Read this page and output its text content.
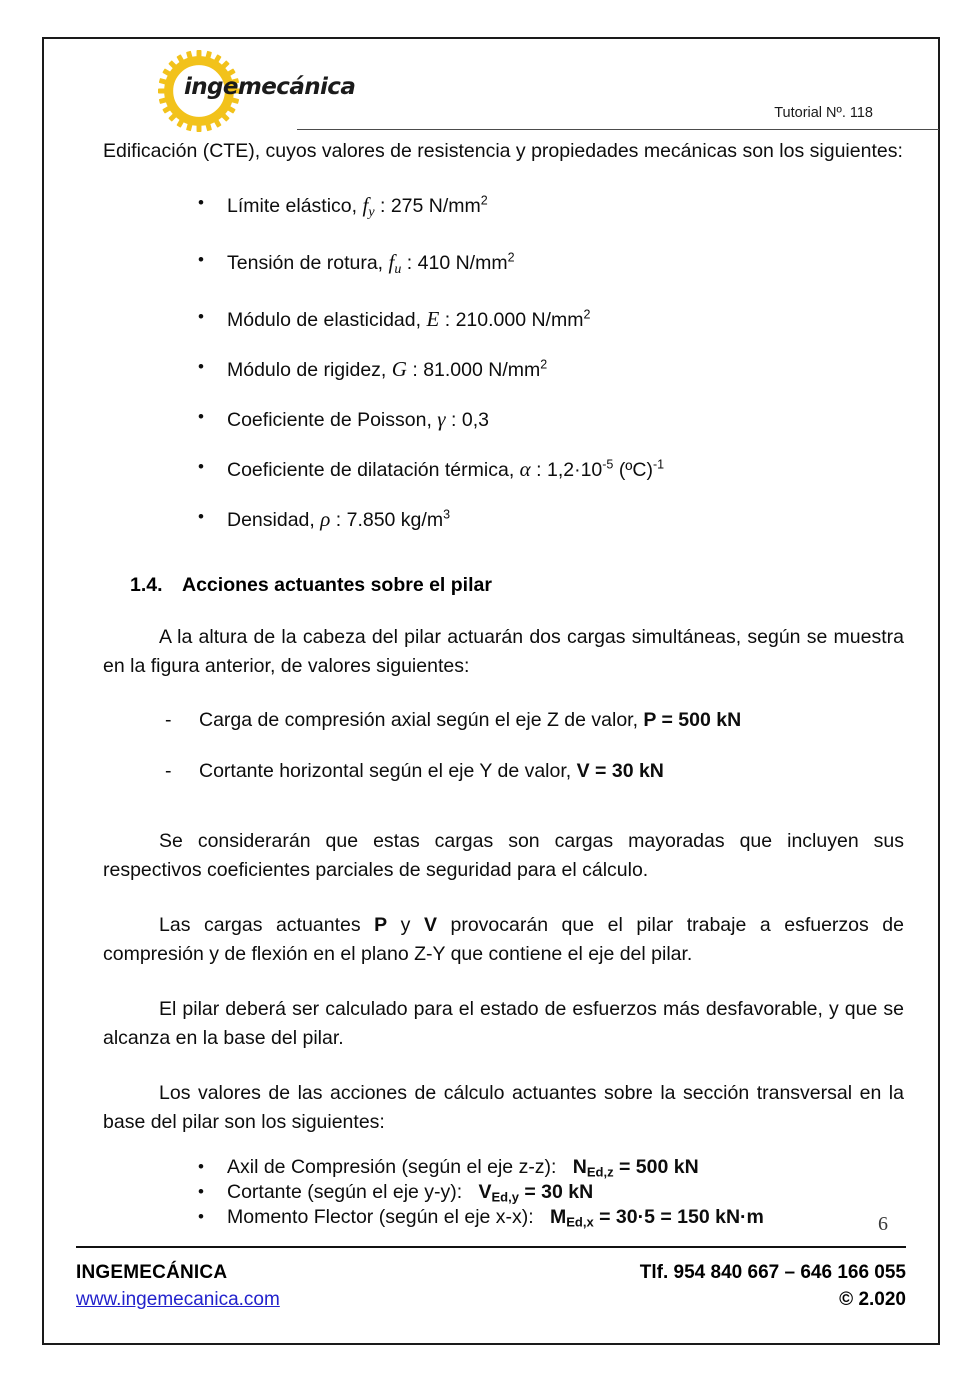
ingemecánica
Tutorial Nº. 118

Edificación (CTE), cuyos valores de resistencia y propiedades mecánicas son los siguientes:

• Límite elástico, $f_y$ : 275 $N/mm^2$
• Tensión de rotura, $f_u$ : 410 $N/mm^2$
• Módulo de elasticidad, E : 210.000 $N/mm^2$
• Módulo de rigidez, G : 81.000 $N/mm^2$
• Coeficiente de Poisson, γ : 0,3
• Coeficiente de dilatación térmica, α : $1,2\cdot 10^{-5}$ (ºC)$^{-1}$
• Densidad, ρ : 7.850 $kg/m^3$
1.4. Acciones actuantes sobre el pilar

A la altura de la cabeza del pilar actuarán dos cargas simultáneas, según se muestra en la figura anterior, de valores siguientes:

- Carga de compresión axial según el eje Z de valor, P = 500 kN
- Cortante horizontal según el eje Y de valor, V = 30 kN

Se considerarán que estas cargas son cargas mayoradas que incluyen sus respectivos coeficientes parciales de seguridad para el cálculo.

Las cargas actuantes P y V provocarán que el pilar trabaje a esfuerzos de compresión y de flexión en el plano Z-Y que contiene el eje del pilar.

El pilar deberá ser calculado para el estado de esfuerzos más desfavorable, y que se alcanza en la base del pilar.

Los valores de las acciones de cálculo actuantes sobre la sección transversal en la base del pilar son los siguientes:

• Axil de Compresión (según el eje z-z): $N_{Ed,z} = 500$ kN
• Cortante (según el eje y-y): $V_{Ed,y} = 30$ kN
• Momento Flector (según el eje x-x): $M_{Ed,x} = 30\cdot 5 = 150$ kN·m	6
INGEMECÁNICA
www.ingemecanica.com
Tlf. 954 840 667 – 646 166 055
© 2.020
